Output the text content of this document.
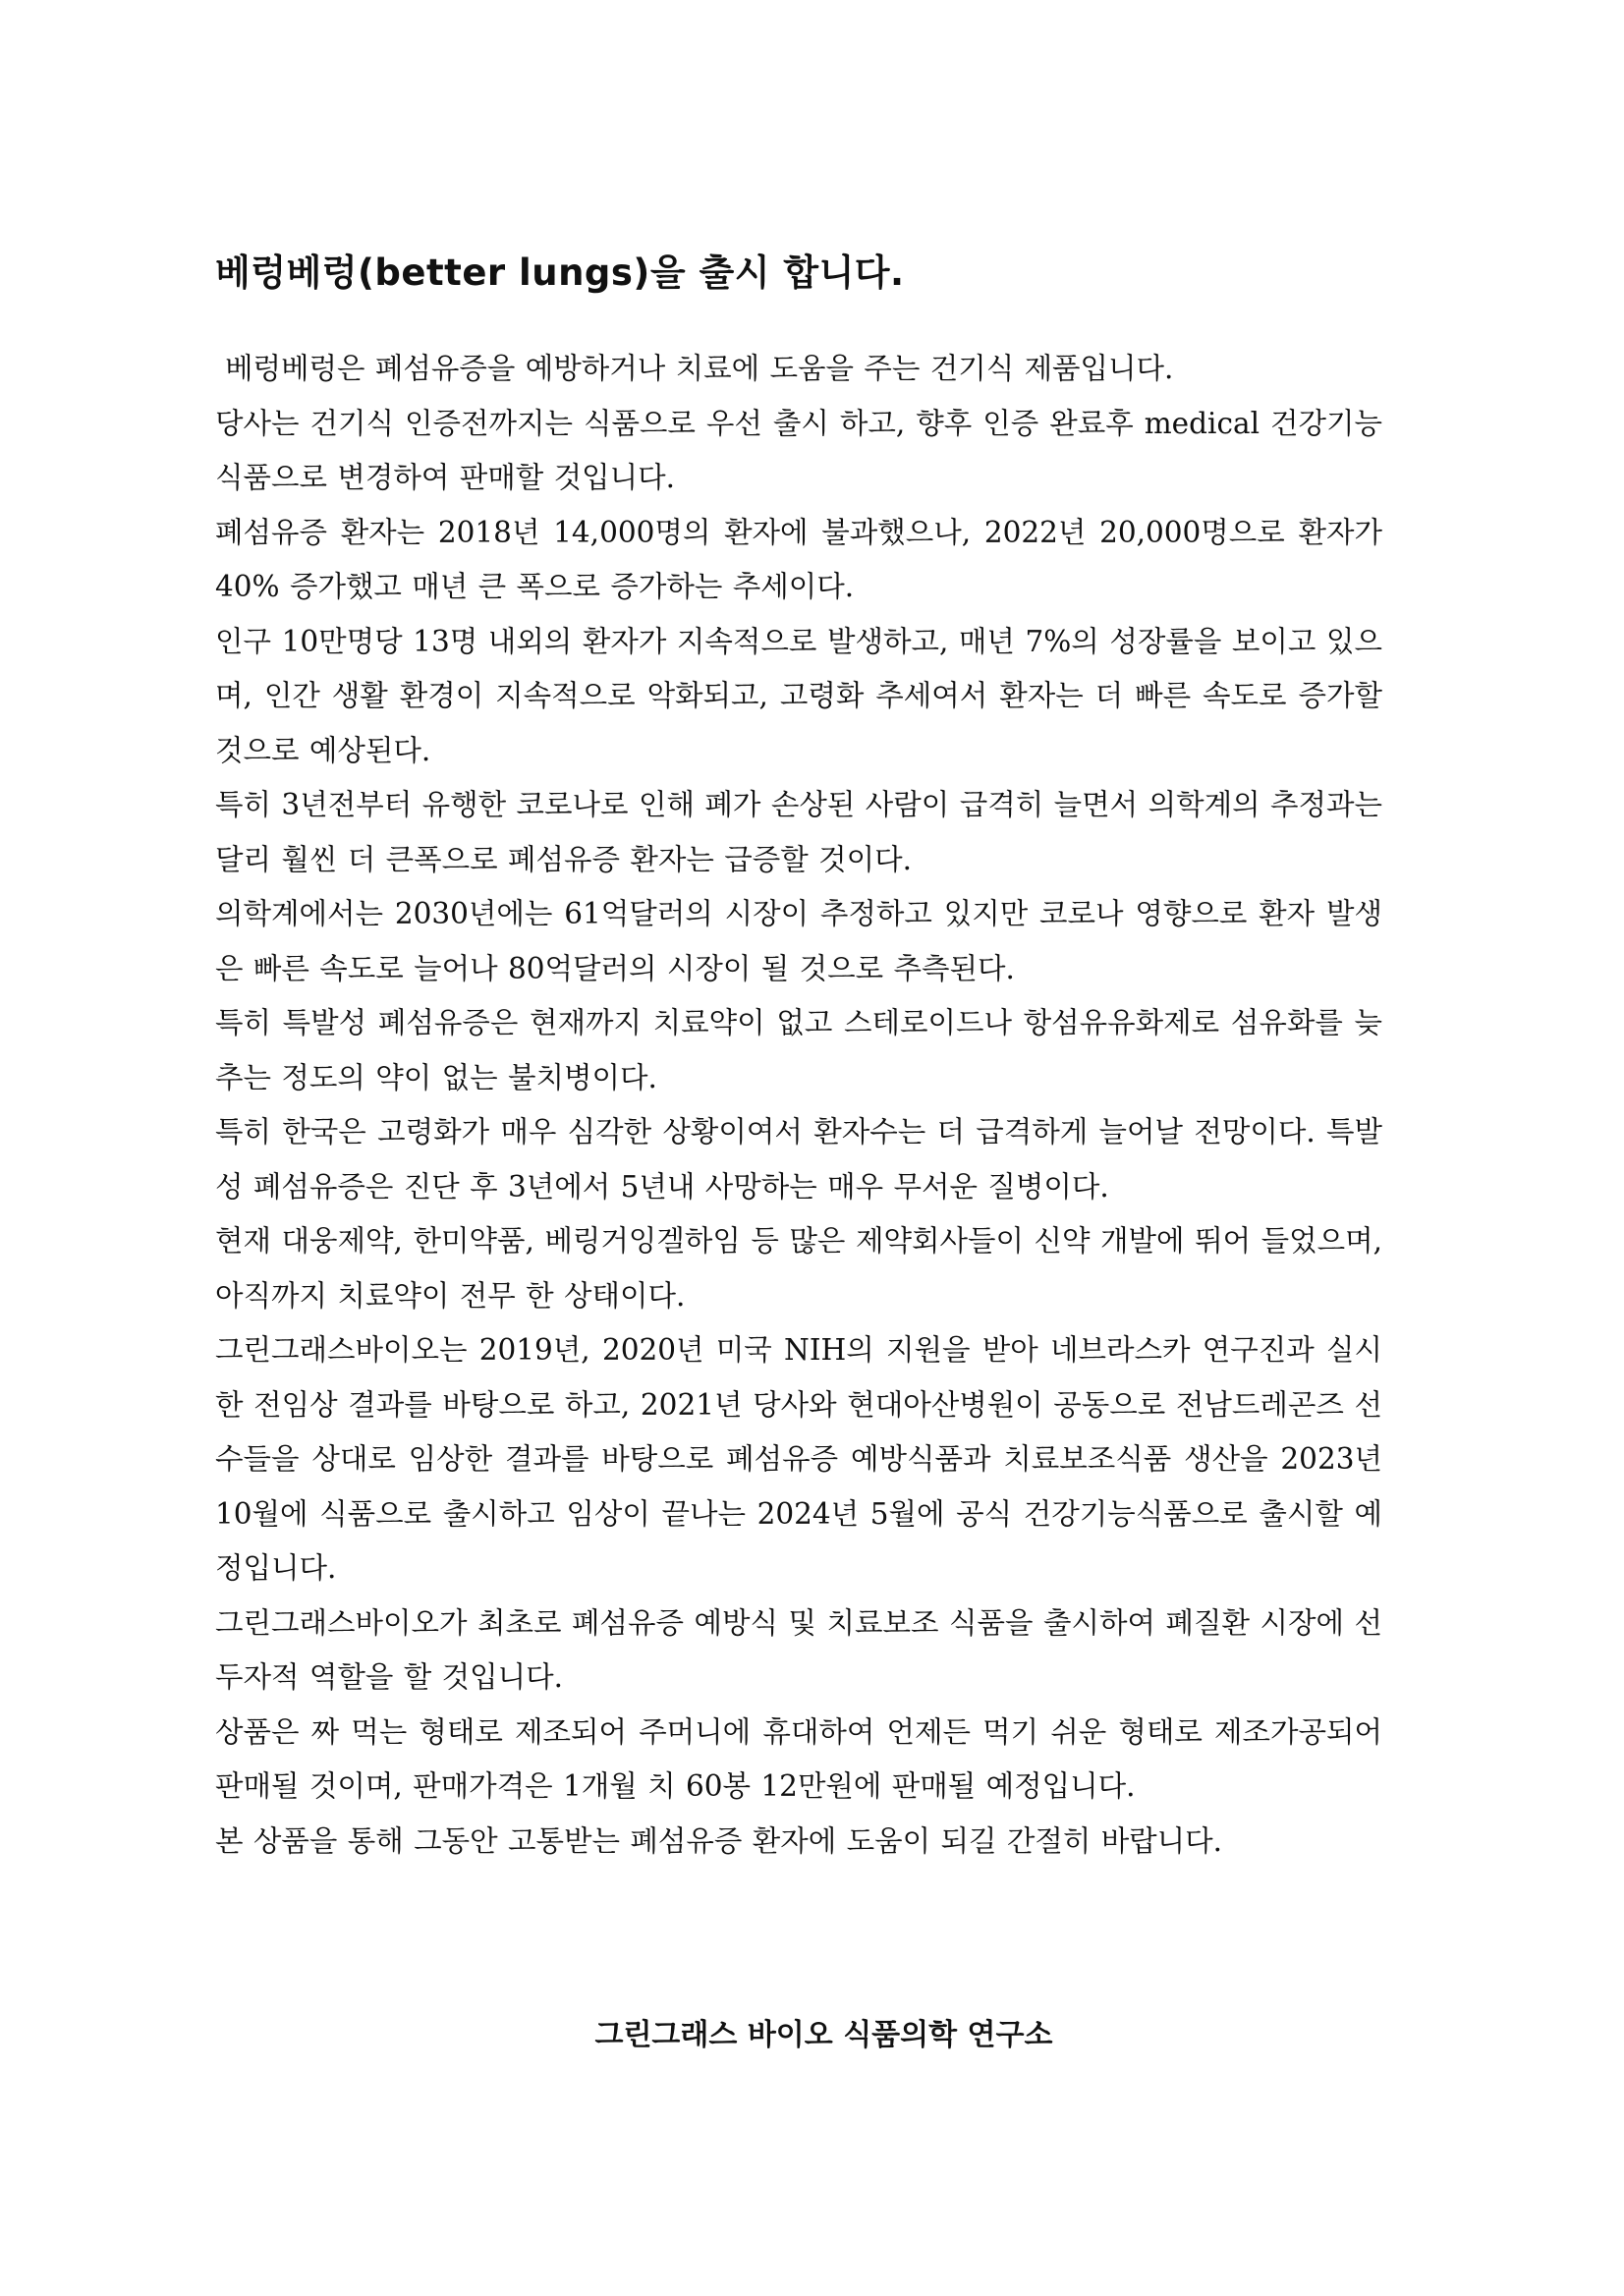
베렁베렁(better lungs)을 출시 합니다.

베렁베렁은 폐섬유증을 예방하거나 치료에 도움을 주는 건기식 제품입니다.

당사는 건기식 인증전까지는 식품으로 우선 출시 하고, 향후 인증 완료후 medical 건강기능식품으로 변경하여 판매할 것입니다.

폐섬유증 환자는 2018년 14,000명의 환자에 불과했으나, 2022년 20,000명으로 환자가 40% 증가했고 매년 큰 폭으로 증가하는 추세이다.

인구 10만명당 13명 내외의 환자가 지속적으로 발생하고, 매년 7%의 성장률을 보이고 있으며, 인간 생활 환경이 지속적으로 악화되고, 고령화 추세여서 환자는 더 빠른 속도로 증가할 것으로 예상된다.

특히 3년전부터 유행한 코로나로 인해 폐가 손상된 사람이 급격히 늘면서 의학계의 추정과는 달리 훨씬 더 큰폭으로 폐섬유증 환자는 급증할 것이다.

의학계에서는 2030년에는 61억달러의 시장이 추정하고 있지만 코로나 영향으로 환자 발생은 빠른 속도로 늘어나 80억달러의 시장이 될 것으로 추측된다.

특히 특발성 폐섬유증은 현재까지 치료약이 없고 스테로이드나 항섬유유화제로 섬유화를 늦추는 정도의 약이 없는 불치병이다.

특히 한국은 고령화가 매우 심각한 상황이여서 환자수는 더 급격하게 늘어날 전망이다. 특발성 폐섬유증은 진단 후 3년에서 5년내 사망하는 매우 무서운 질병이다.

현재 대웅제약, 한미약품, 베링거잉겔하임 등 많은 제약회사들이 신약 개발에 뛰어 들었으며, 아직까지 치료약이 전무 한 상태이다.

그린그래스바이오는 2019년, 2020년 미국 NIH의 지원을 받아 네브라스카 연구진과 실시한 전임상 결과를 바탕으로 하고, 2021년 당사와 현대아산병원이 공동으로 전남드레곤즈 선수들을 상대로 임상한 결과를 바탕으로 폐섬유증 예방식품과 치료보조식품 생산을 2023년 10월에 식품으로 출시하고 임상이 끝나는 2024년 5월에 공식 건강기능식품으로 출시할 예정입니다.

그린그래스바이오가 최초로 폐섬유증 예방식 및 치료보조 식품을 출시하여 폐질환 시장에 선두자적 역할을 할 것입니다.

상품은 짜 먹는 형태로 제조되어 주머니에 휴대하여 언제든 먹기 쉬운 형태로 제조가공되어 판매될 것이며, 판매가격은 1개월 치 60봉 12만원에 판매될 예정입니다.

본 상품을 통해 그동안 고통받는 폐섬유증 환자에 도움이 되길 간절히 바랍니다.

그린그래스 바이오 식품의학 연구소
